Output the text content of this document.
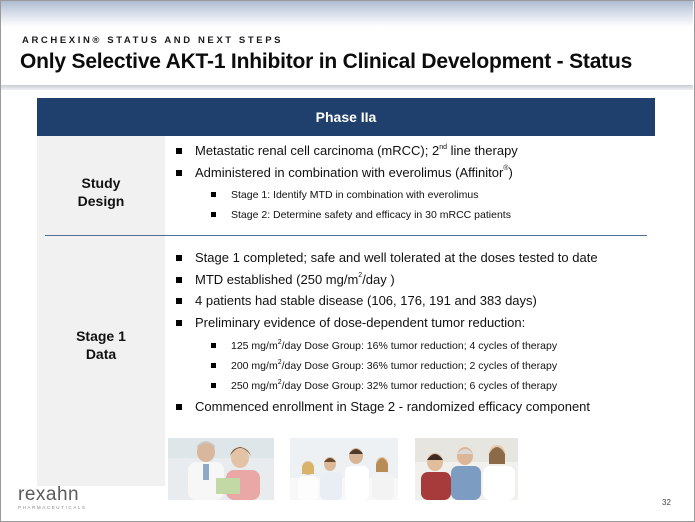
ARCHEXIN® STATUS AND NEXT STEPS
Only Selective AKT-1 Inhibitor in Clinical Development - Status
Phase IIa
Study
Design
Stage 1
Data
Metastatic renal cell carcinoma (mRCC); 2nd line therapy
Administered in combination with everolimus (Affinitor®)
Stage 1: Identify MTD in combination with everolimus
Stage 2: Determine safety and efficacy in 30 mRCC patients
Stage 1 completed; safe and well tolerated at the doses tested to date
MTD established (250 $mg/m^2$/day )
4 patients had stable disease (106, 176, 191 and 383 days)
Preliminary evidence of dose-dependent tumor reduction:
125 $mg/m^2$/day Dose Group: 16% tumor reduction; 4 cycles of therapy
200 $mg/m^2$/day Dose Group: 36% tumor reduction; 2 cycles of therapy
250 $mg/m^2$/day Dose Group: 32% tumor reduction; 6 cycles of therapy
Commenced enrollment in Stage 2 - randomized efficacy component
rexahn
PHARMACEUTICALS
32
